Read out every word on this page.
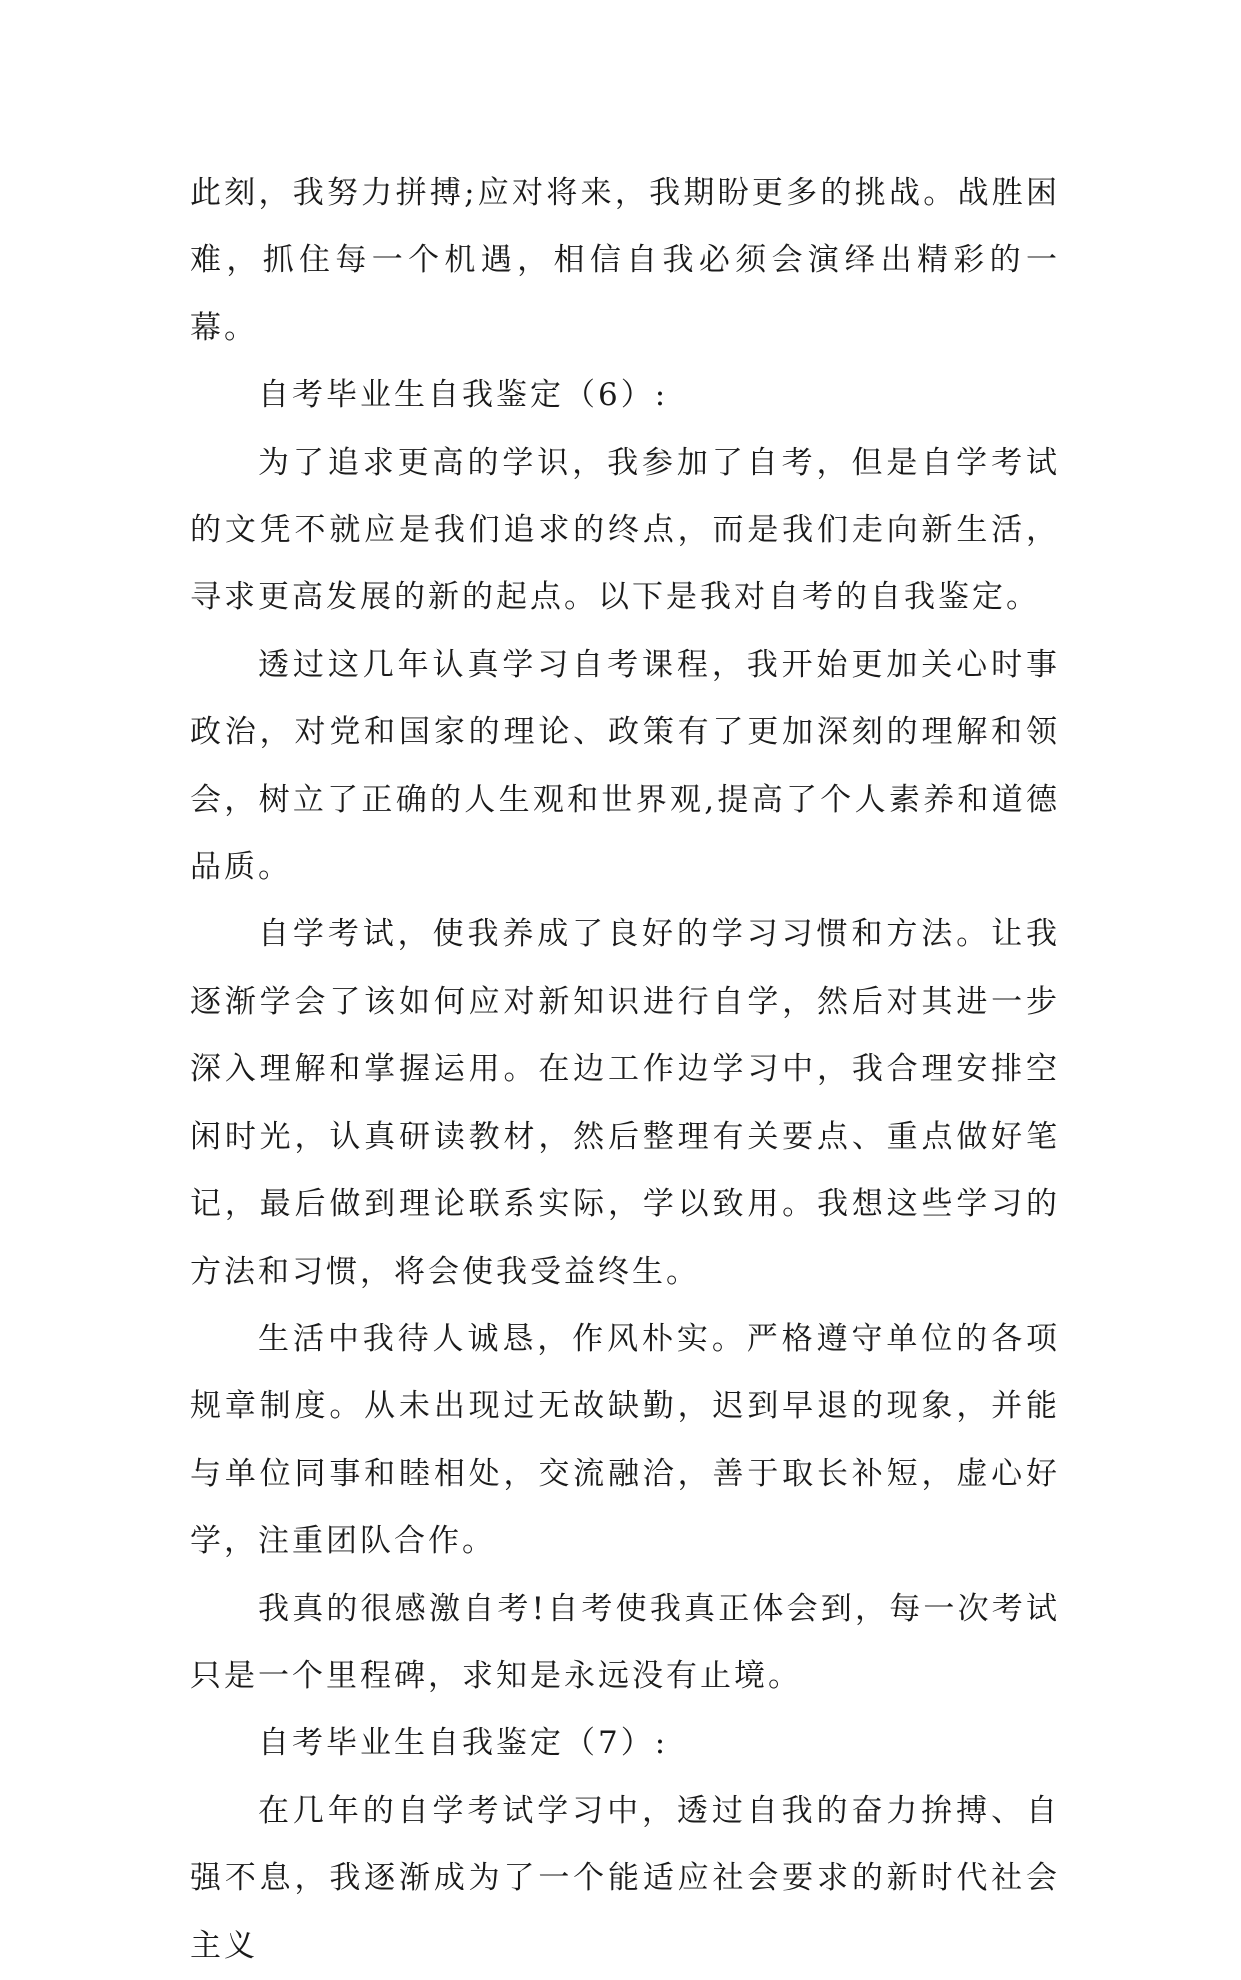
此刻，我努力拼搏;应对将来，我期盼更多的挑战。战胜困难，抓住每一个机遇，相信自我必须会演绎出精彩的一幕。

自考毕业生自我鉴定（6）:

为了追求更高的学识，我参加了自考，但是自学考试的文凭不就应是我们追求的终点，而是我们走向新生活，寻求更高发展的新的起点。以下是我对自考的自我鉴定。

透过这几年认真学习自考课程，我开始更加关心时事政治，对党和国家的理论、政策有了更加深刻的理解和领会，树立了正确的人生观和世界观,提高了个人素养和道德品质。

自学考试，使我养成了良好的学习习惯和方法。让我逐渐学会了该如何应对新知识进行自学，然后对其进一步深入理解和掌握运用。在边工作边学习中，我合理安排空闲时光，认真研读教材，然后整理有关要点、重点做好笔记，最后做到理论联系实际，学以致用。我想这些学习的方法和习惯，将会使我受益终生。

生活中我待人诚恳，作风朴实。严格遵守单位的各项规章制度。从未出现过无故缺勤，迟到早退的现象，并能与单位同事和睦相处，交流融洽，善于取长补短，虚心好学，注重团队合作。

我真的很感激自考!自考使我真正体会到，每一次考试只是一个里程碑，求知是永远没有止境。

自考毕业生自我鉴定（7）:

在几年的自学考试学习中，透过自我的奋力拚搏、自强不息，我逐渐成为了一个能适应社会要求的新时代社会主义
